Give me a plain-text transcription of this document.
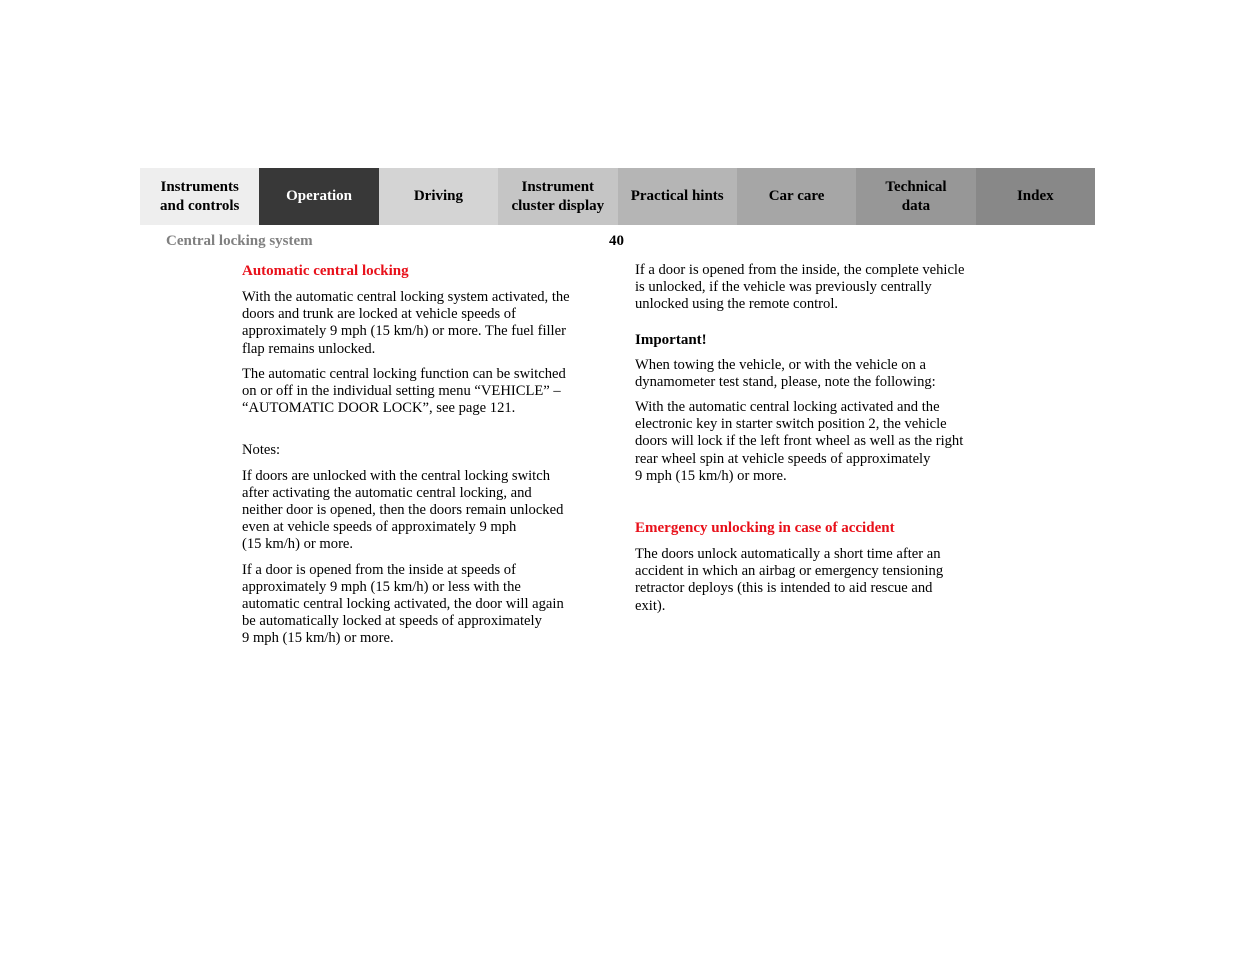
Instruments
and controls
Operation	Driving
Instrument
cluster display
Practical hints	Car care
Technical
data
Index
Central locking system	40
Automatic central locking

With the automatic central locking system activated, the
doors and trunk are locked at vehicle speeds of
approximately 9 mph (15 km/h) or more. The fuel filler
flap remains unlocked.

The automatic central locking function can be switched
on or off in the individual setting menu “VEHICLE” –
“AUTOMATIC DOOR LOCK”, see page 121.

Notes:

If doors are unlocked with the central locking switch
after activating the automatic central locking, and
neither door is opened, then the doors remain unlocked
even at vehicle speeds of approximately 9 mph
(15 km/h) or more.

If a door is opened from the inside at speeds of
approximately 9 mph (15 km/h) or less with the
automatic central locking activated, the door will again
be automatically locked at speeds of approximately
9 mph (15 km/h) or more.

If a door is opened from the inside, the complete vehicle
is unlocked, if the vehicle was previously centrally
unlocked using the remote control.

Important!

When towing the vehicle, or with the vehicle on a
dynamometer test stand, please, note the following:

With the automatic central locking activated and the
electronic key in starter switch position 2, the vehicle
doors will lock if the left front wheel as well as the right
rear wheel spin at vehicle speeds of approximately
9 mph (15 km/h) or more.

Emergency unlocking in case of accident

The doors unlock automatically a short time after an
accident in which an airbag or emergency tensioning
retractor deploys (this is intended to aid rescue and
exit).
